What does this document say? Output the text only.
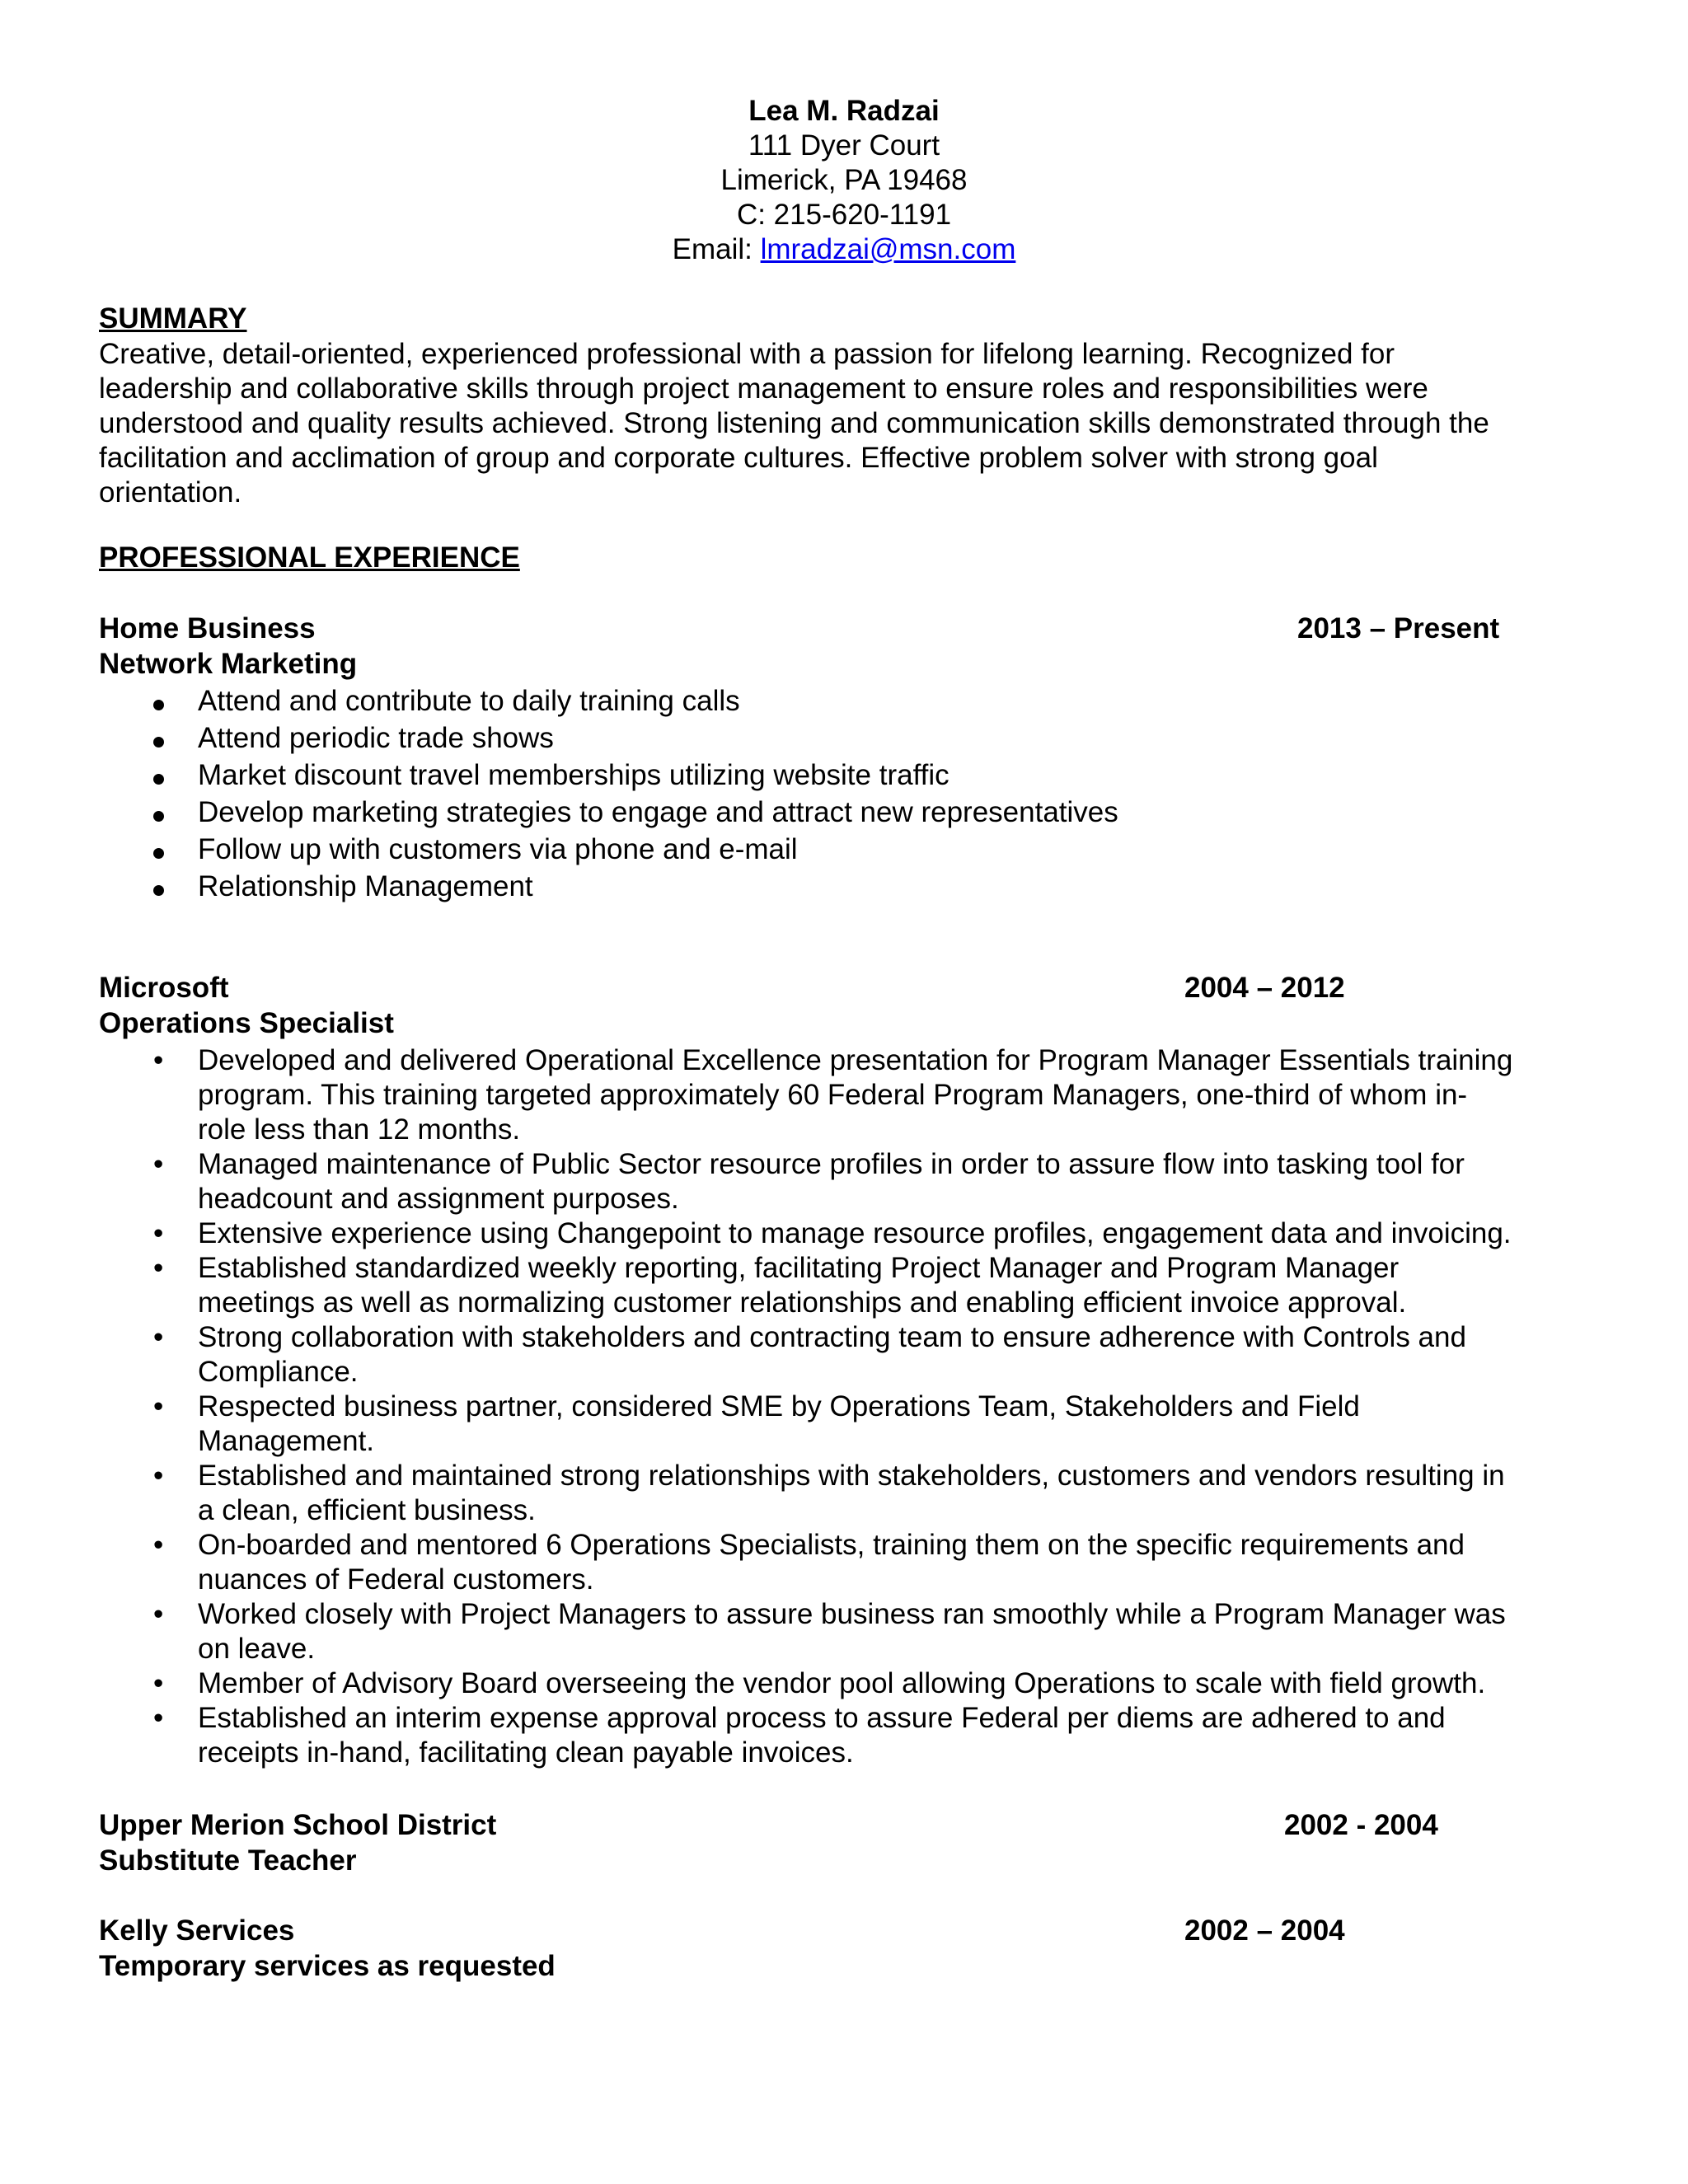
Lea M. Radzai
111 Dyer Court
Limerick, PA 19468
C: 215-620-1191
Email: lmradzai@msn.com
SUMMARY
Creative, detail-oriented, experienced professional with a passion for lifelong learning. Recognized for
leadership and collaborative skills through project management to ensure roles and responsibilities were
understood and quality results achieved. Strong listening and communication skills demonstrated through the
facilitation and acclimation of group and corporate cultures. Effective problem solver with strong goal
orientation.
PROFESSIONAL EXPERIENCE
Home Business	2013 – Present
Network Marketing
Attend and contribute to daily training calls
Attend periodic trade shows
Market discount travel memberships utilizing website traffic
Develop marketing strategies to engage and attract new representatives
Follow up with customers via phone and e-mail
Relationship Management
Microsoft	2004 – 2012
Operations Specialist
• Developed and delivered Operational Excellence presentation for Program Manager Essentials training
program. This training targeted approximately 60 Federal Program Managers, one-third of whom in-
role less than 12 months.
• Managed maintenance of Public Sector resource profiles in order to assure flow into tasking tool for
headcount and assignment purposes.
• Extensive experience using Changepoint to manage resource profiles, engagement data and invoicing.
• Established standardized weekly reporting, facilitating Project Manager and Program Manager
meetings as well as normalizing customer relationships and enabling efficient invoice approval.
• Strong collaboration with stakeholders and contracting team to ensure adherence with Controls and
Compliance.
• Respected business partner, considered SME by Operations Team, Stakeholders and Field
Management.
• Established and maintained strong relationships with stakeholders, customers and vendors resulting in
a clean, efficient business.
• On-boarded and mentored 6 Operations Specialists, training them on the specific requirements and
nuances of Federal customers.
• Worked closely with Project Managers to assure business ran smoothly while a Program Manager was
on leave.
• Member of Advisory Board overseeing the vendor pool allowing Operations to scale with field growth.
• Established an interim expense approval process to assure Federal per diems are adhered to and
receipts in-hand, facilitating clean payable invoices.
Upper Merion School District	2002 - 2004
Substitute Teacher
Kelly Services	2002 – 2004
Temporary services as requested
